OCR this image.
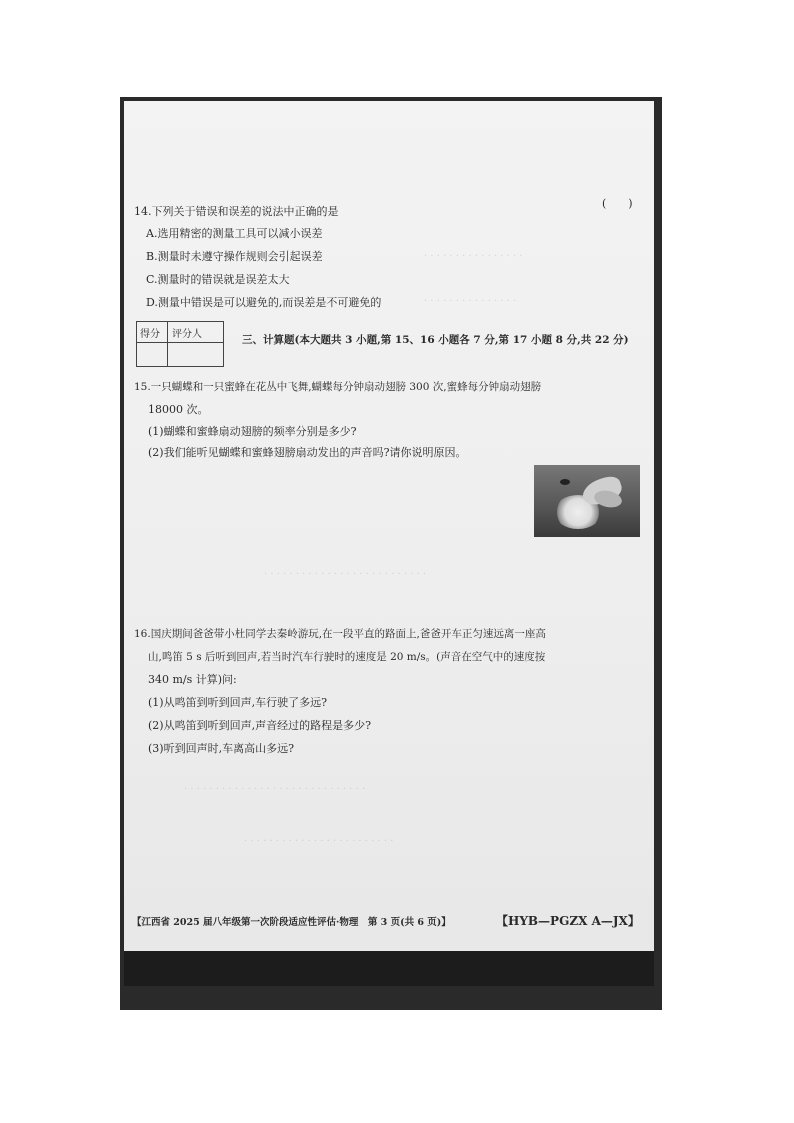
· · · · · · · · · · · · · · · ·
· · · · · · · · · · · · · · ·
· · · · · · · · · · · · · · · · · · · · · · · · · ·
· · · · · · · · · · · · · · · · · · · · · · · · · · · · ·
· · · · · · · · · · · · · · · · · · · · · · · ·
14.下列关于错误和误差的说法中正确的是
(　　)
A.选用精密的测量工具可以减小误差
B.测量时未遵守操作规则会引起误差
C.测量时的错误就是误差太大
D.测量中错误是可以避免的,而误差是不可避免的
得分 评分人	三、计算题(本大题共 3 小题,第 15、16 小题各 7 分,第 17 小题 8 分,共 22 分)
15.一只蝴蝶和一只蜜蜂在花丛中飞舞,蝴蝶每分钟扇动翅膀 300 次,蜜蜂每分钟扇动翅膀
18000 次。
(1)蝴蝶和蜜蜂扇动翅膀的频率分别是多少?
(2)我们能听见蝴蝶和蜜蜂翅膀扇动发出的声音吗?请你说明原因。
16.国庆期间爸爸带小杜同学去秦岭游玩,在一段平直的路面上,爸爸开车正匀速远离一座高
山,鸣笛 5 s 后听到回声,若当时汽车行驶时的速度是 20 m/s。(声音在空气中的速度按
340 m/s 计算)问:
(1)从鸣笛到听到回声,车行驶了多远?
(2)从鸣笛到听到回声,声音经过的路程是多少?
(3)听到回声时,车离高山多远?
【江西省 2025 届八年级第一次阶段适应性评估·物理　第 3 页(共 6 页)】	【HYB—PGZX A—JX】
